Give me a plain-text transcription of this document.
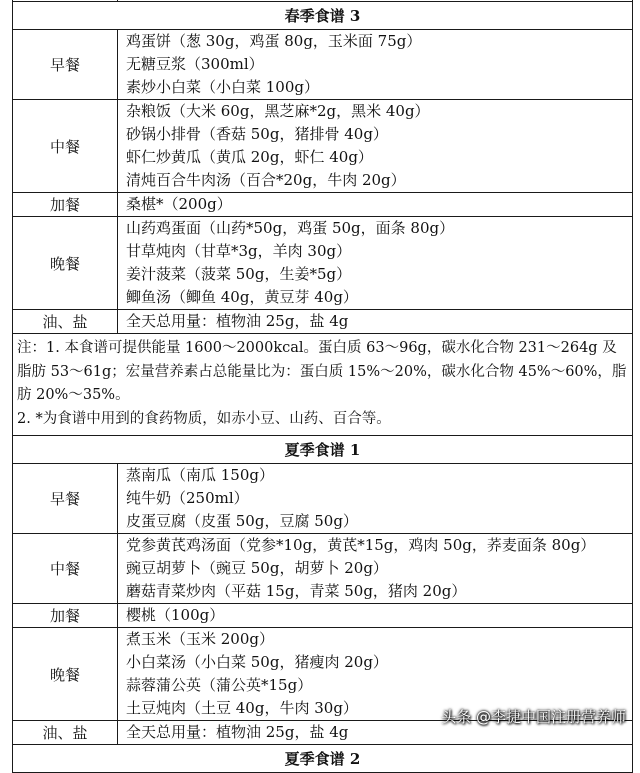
春季食谱 3	
早餐	鸡蛋饼（葱 30g，鸡蛋 80g，玉米面 75g）
无糖豆浆（300ml）
素炒小白菜（小白菜 100g）

中餐	杂粮饭（大米 60g，黑芝麻*2g，黑米 40g）
砂锅小排骨（香菇 50g，猪排骨 40g）
虾仁炒黄瓜（黄瓜 20g，虾仁 40g）
清炖百合牛肉汤（百合*20g，牛肉 20g）

加餐	桑椹*（200g）

晚餐	山药鸡蛋面（山药*50g，鸡蛋 50g，面条 80g）
甘草炖肉（甘草*3g，羊肉 30g）
姜汁菠菜（菠菜 50g，生姜*5g）
鲫鱼汤（鲫鱼 40g，黄豆芽 40g）

油、盐	全天总用量：植物油 25g，盐 4g

注：1. 本食谱可提供能量 1600～2000kcal。蛋白质 63～96g，碳水化合物 231～264g 及脂肪 53～61g；宏量营养素占总能量比为：蛋白质 15%～20%，碳水化合物 45%～60%，脂肪 20%～35%。

2. *为食谱中用到的食药物质，如赤小豆、山药、百合等。	

夏季食谱 1	
早餐	蒸南瓜（南瓜 150g）
纯牛奶（250ml）
皮蛋豆腐（皮蛋 50g，豆腐 50g）

中餐	党参黄芪鸡汤面（党参*10g，黄芪*15g，鸡肉 50g，荞麦面条 80g）
豌豆胡萝卜（豌豆 50g，胡萝卜 20g）
蘑菇青菜炒肉（平菇 15g，青菜 50g，猪肉 20g）

加餐	樱桃（100g）

晚餐	煮玉米（玉米 200g）
小白菜汤（小白菜 50g，猪瘦肉 20g）
蒜蓉蒲公英（蒲公英*15g）
土豆炖肉（土豆 40g，牛肉 30g）

油、盐	全天总用量：植物油 25g，盐 4g

夏季食谱 2	
头条 @李捷中国注册营养师
